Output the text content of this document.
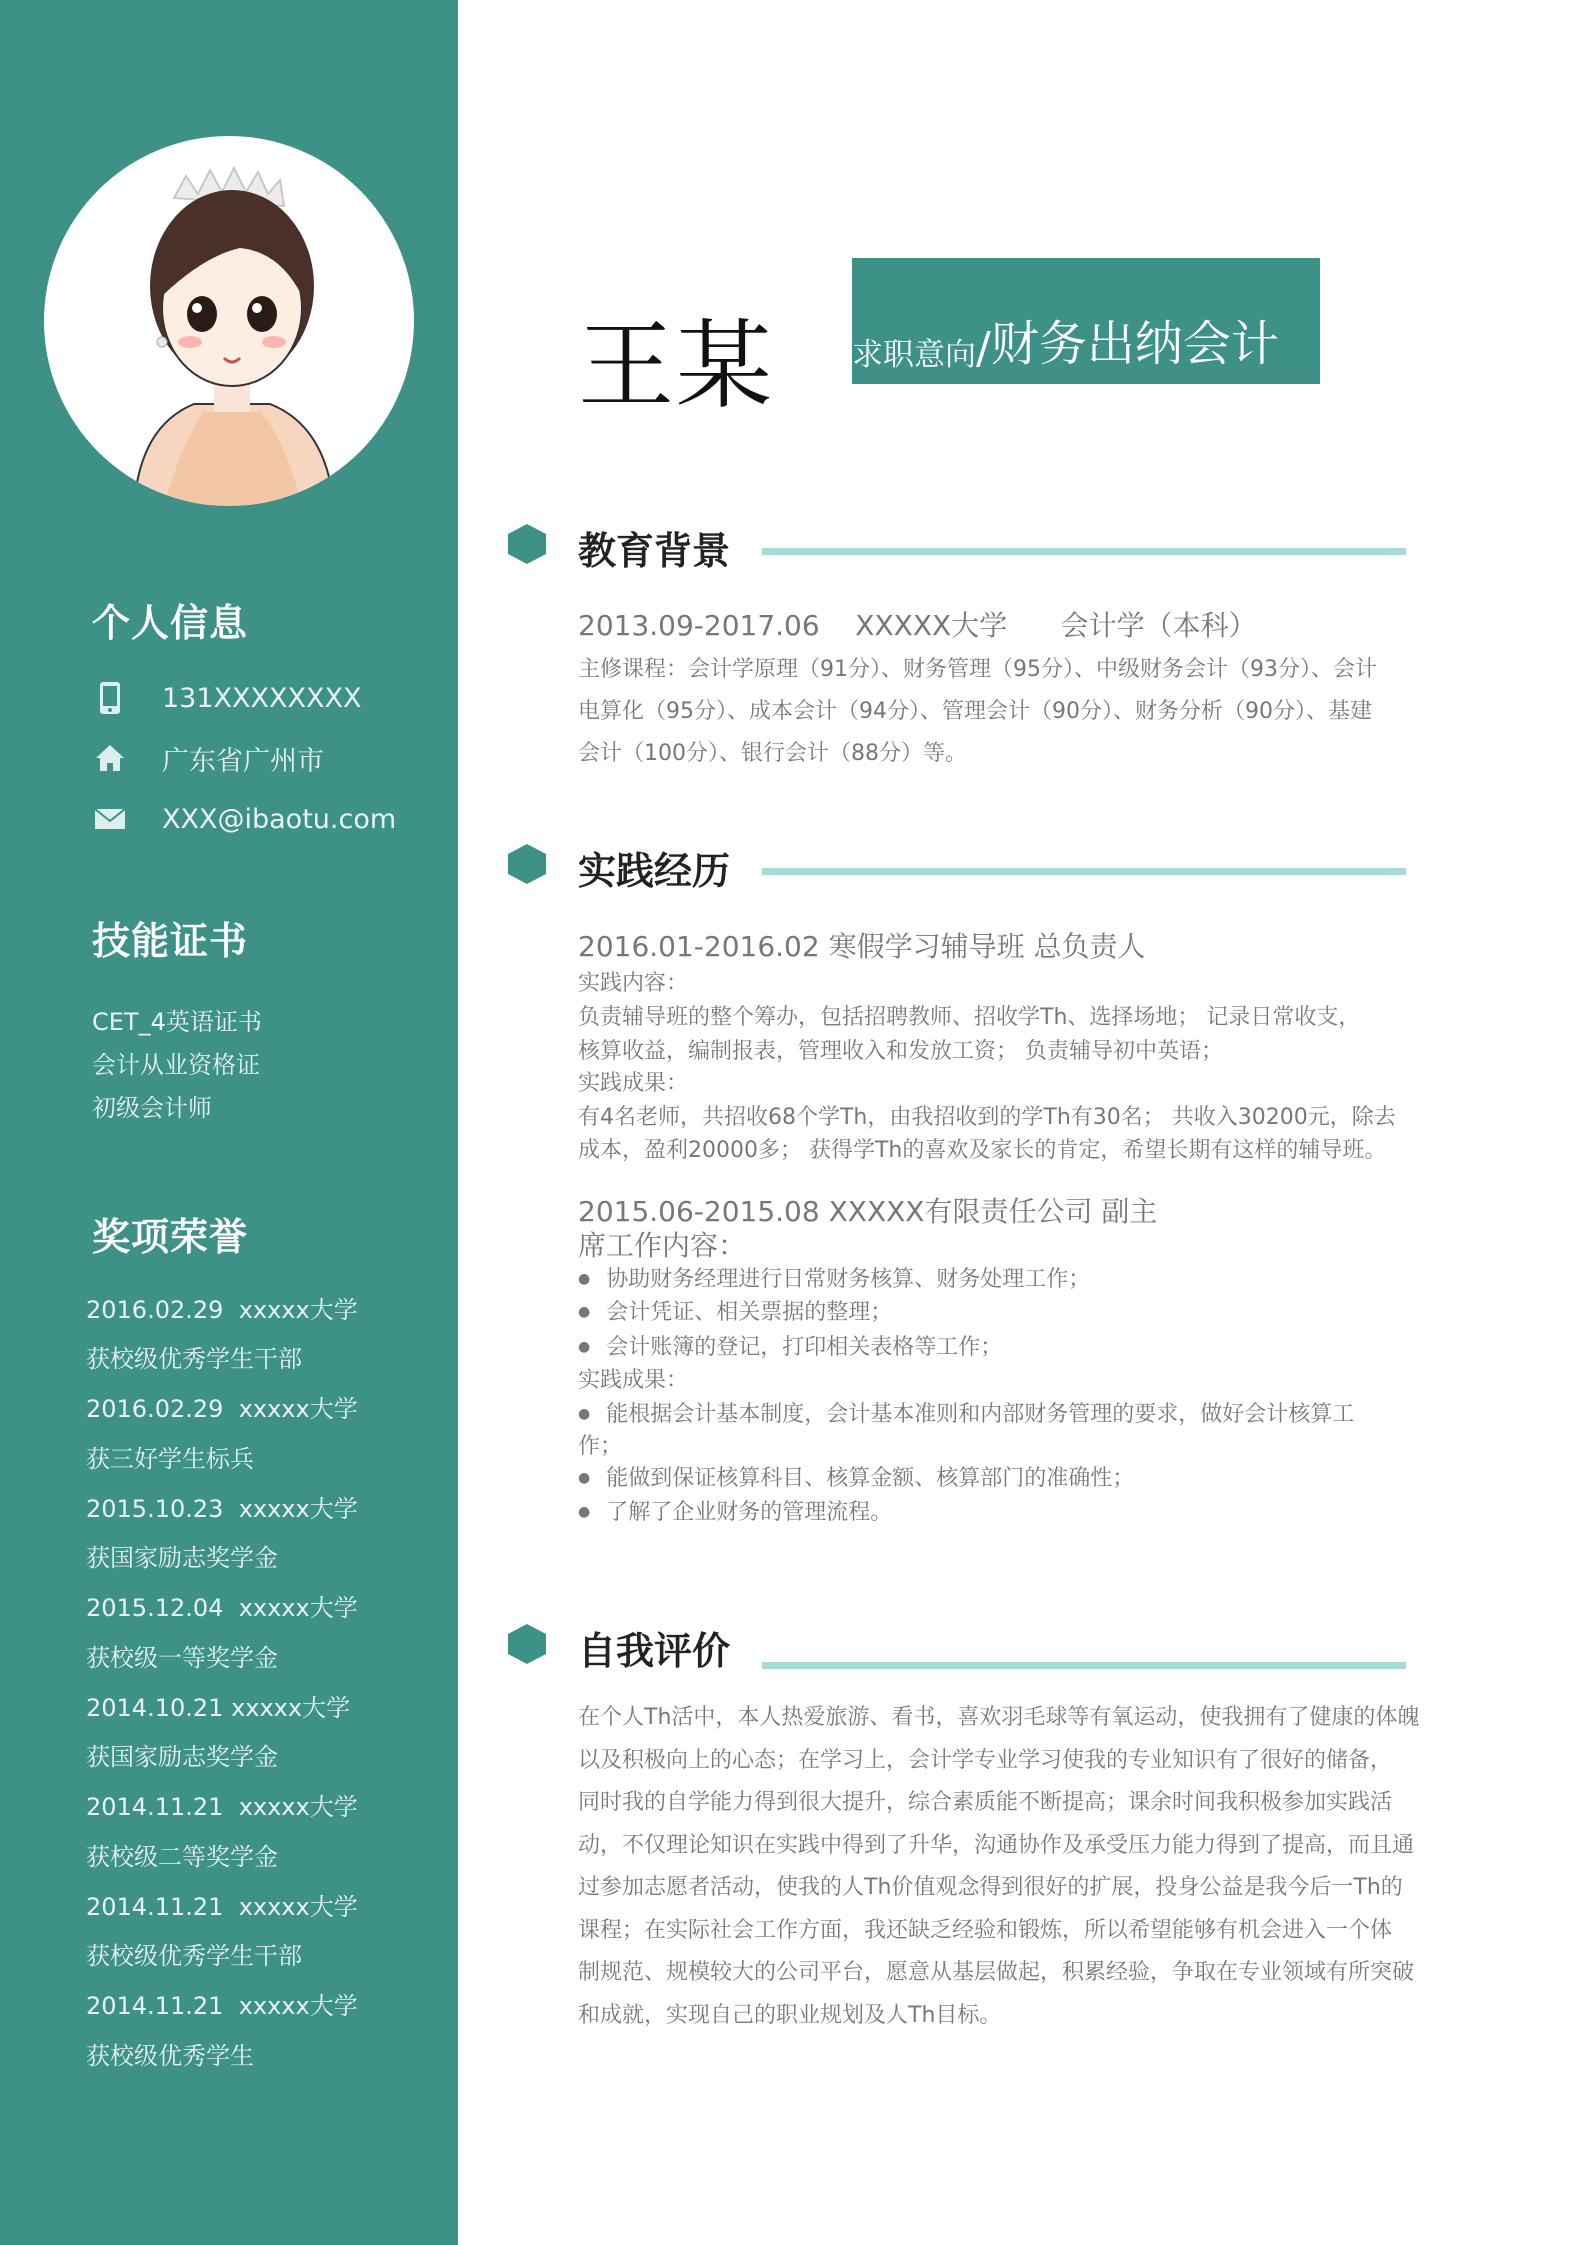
个人信息
131XXXXXXXX
广东省广州市
XXX@ibaotu.com
技能证书
CET_4英语证书
会计从业资格证
初级会计师
奖项荣誉
2016.02.29 xxxxx大学
获校级优秀学生干部
2016.02.29 xxxxx大学
获三好学生标兵
2015.10.23 xxxxx大学
获国家励志奖学金
2015.12.04 xxxxx大学
获校级一等奖学金
2014.10.21 xxxxx大学
获国家励志奖学金
2014.11.21 xxxxx大学
获校级二等奖学金
2014.11.21 xxxxx大学
获校级优秀学生干部
2014.11.21 xxxxx大学
获校级优秀学生
王某	求职意向 / 财务出纳会计
教育背景
2013.09-2017.06 XXXXX大学 会计学（本科）
主修课程：会计学原理（91分）、财务管理（95分）、中级财务会计（93分）、会计
电算化（95分）、成本会计（94分）、管理会计（90分）、财务分析（90分）、基建
会计（100分）、银行会计（88分）等。
实践经历
2016.01-2016.02 寒假学习辅导班 总负责人
实践内容：
负责辅导班的整个筹办，包括招聘教师、招收学Th、选择场地； 记录日常收支，
核算收益，编制报表，管理收入和发放工资； 负责辅导初中英语；
实践成果：
有4名老师，共招收68个学Th，由我招收到的学Th有30名； 共收入30200元，除去
成本，盈利20000多； 获得学Th的喜欢及家长的肯定，希望长期有这样的辅导班。
2015.06-2015.08 XXXXX有限责任公司 副主
席工作内容：
● 协助财务经理进行日常财务核算、财务处理工作；
● 会计凭证、相关票据的整理；
● 会计账簿的登记，打印相关表格等工作；
实践成果：
● 能根据会计基本制度，会计基本准则和内部财务管理的要求，做好会计核算工
作；
● 能做到保证核算科目、核算金额、核算部门的准确性；
● 了解了企业财务的管理流程。
自我评价
在个人Th活中，本人热爱旅游、看书，喜欢羽毛球等有氧运动，使我拥有了健康的体魄
以及积极向上的心态；在学习上，会计学专业学习使我的专业知识有了很好的储备，
同时我的自学能力得到很大提升，综合素质能不断提高；课余时间我积极参加实践活
动，不仅理论知识在实践中得到了升华，沟通协作及承受压力能力得到了提高，而且通
过参加志愿者活动，使我的人Th价值观念得到很好的扩展，投身公益是我今后一Th的
课程；在实际社会工作方面，我还缺乏经验和锻炼，所以希望能够有机会进入一个体
制规范、规模较大的公司平台，愿意从基层做起，积累经验，争取在专业领域有所突破
和成就，实现自己的职业规划及人Th目标。
